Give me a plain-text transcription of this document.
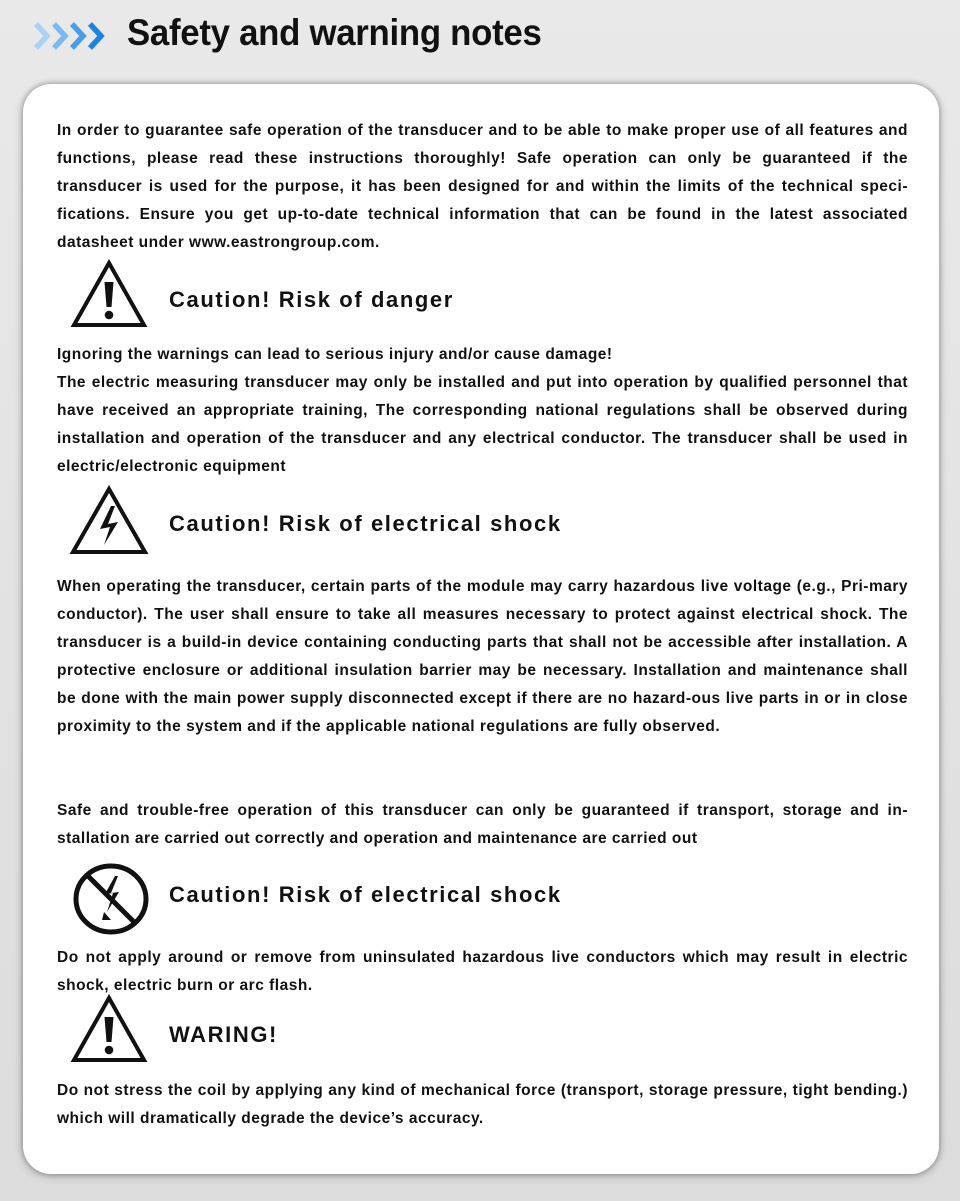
Safety and warning notes

In order to guarantee safe operation of the transducer and to be able to make proper use of all features and functions, please read these instructions thoroughly! Safe operation can only be guaranteed if the transducer is used for the purpose, it has been designed for and within the limits of the technical speci-fications. Ensure you get up-to-date technical information that can be found in the latest associated datasheet under www.eastrongroup.com.

Caution! Risk of danger

Ignoring the warnings can lead to serious injury and/or cause damage!

The electric measuring transducer may only be installed and put into operation by qualified personnel that have received an appropriate training, The corresponding national regulations shall be observed during installation and operation of the transducer and any electrical conductor. The transducer shall be used in electric/electronic equipment

Caution! Risk of electrical shock

When operating the transducer, certain parts of the module may carry hazardous live voltage (e.g., Pri-mary conductor). The user shall ensure to take all measures necessary to protect against electrical shock. The transducer is a build-in device containing conducting parts that shall not be accessible after installation. A protective enclosure or additional insulation barrier may be necessary. Installation and maintenance shall be done with the main power supply disconnected except if there are no hazard-ous live parts in or in close proximity to the system and if the applicable national regulations are fully observed.

Safe and trouble-free operation of this transducer can only be guaranteed if transport, storage and in-stallation are carried out correctly and operation and maintenance are carried out

Caution! Risk of electrical shock

Do not apply around or remove from uninsulated hazardous live conductors which may result in electric shock, electric burn or arc flash.

WARING!

Do not stress the coil by applying any kind of mechanical force (transport, storage pressure, tight bending.) which will dramatically degrade the device’s accuracy.
